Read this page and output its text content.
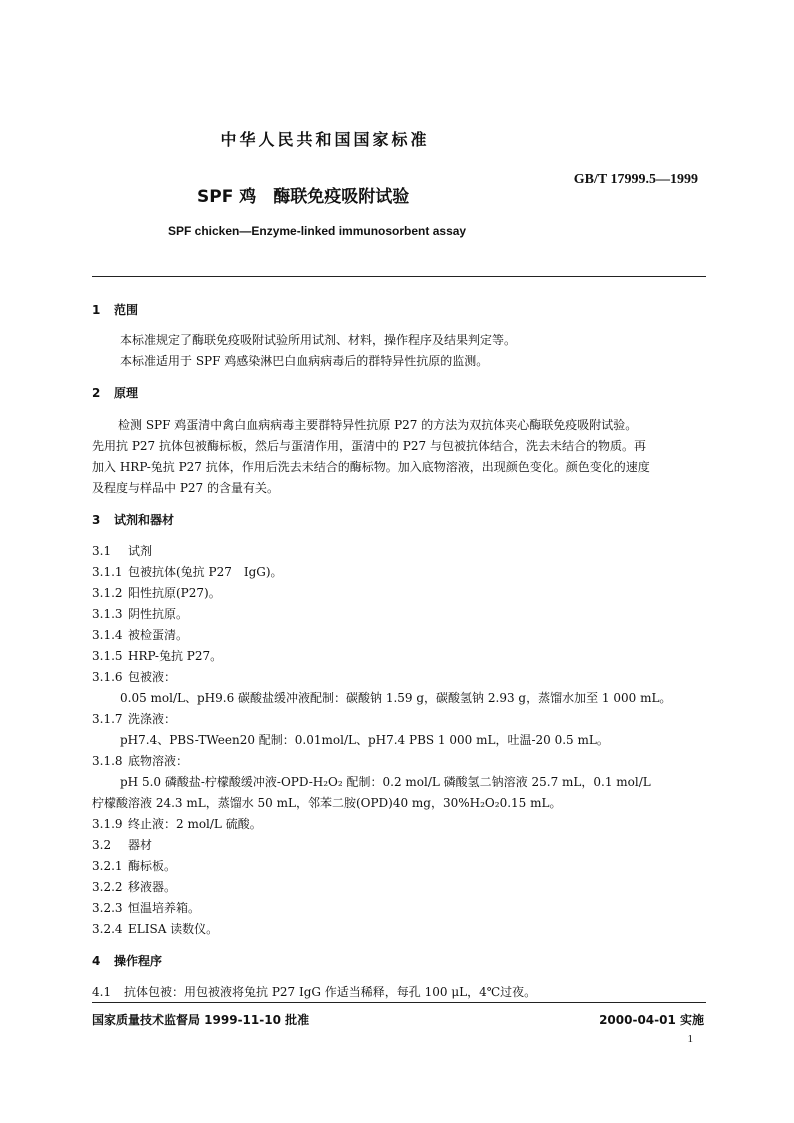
中华人民共和国国家标准
GB/T 17999.5—1999
SPF 鸡　酶联免疫吸附试验
SPF chicken—Enzyme-linked immunosorbent assay
1 范围
本标准规定了酶联免疫吸附试验所用试剂、材料，操作程序及结果判定等。
本标准适用于 SPF 鸡感染淋巴白血病病毒后的群特异性抗原的监测。
2 原理
检测 SPF 鸡蛋清中禽白血病病毒主要群特异性抗原 P27 的方法为双抗体夹心酶联免疫吸附试验。
先用抗 P27 抗体包被酶标板，然后与蛋清作用，蛋清中的 P27 与包被抗体结合，洗去未结合的物质。再
加入 HRP-兔抗 P27 抗体，作用后洗去未结合的酶标物。加入底物溶液，出现颜色变化。颜色变化的速度
及程度与样品中 P27 的含量有关。
3 试剂和器材
3.1 试剂
3.1.1 包被抗体(兔抗 P27　IgG)。
3.1.2 阳性抗原(P27)。
3.1.3 阴性抗原。
3.1.4 被检蛋清。
3.1.5 HRP-兔抗 P27。
3.1.6 包被液：
0.05 mol/L、pH9.6 碳酸盐缓冲液配制：碳酸钠 1.59 g，碳酸氢钠 2.93 g，蒸馏水加至 1 000 mL。
3.1.7 洗涤液：
pH7.4、PBS-TWeen20 配制：0.01mol/L、pH7.4 PBS 1 000 mL，吐温-20 0.5 mL。
3.1.8 底物溶液：
pH 5.0 磷酸盐-柠檬酸缓冲液-OPD-H₂O₂ 配制：0.2 mol/L 磷酸氢二钠溶液 25.7 mL，0.1 mol/L
柠檬酸溶液 24.3 mL，蒸馏水 50 mL，邻苯二胺(OPD)40 mg，30%H₂O₂0.15 mL。
3.1.9 终止液：2 mol/L 硫酸。
3.2 器材
3.2.1 酶标板。
3.2.2 移液器。
3.2.3 恒温培养箱。
3.2.4 ELISA 读数仪。
4 操作程序
4.1 抗体包被：用包被液将兔抗 P27 IgG 作适当稀释，每孔 100 μL，4℃过夜。
国家质量技术监督局 1999-11-10 批准	2000-04-01 实施
1
